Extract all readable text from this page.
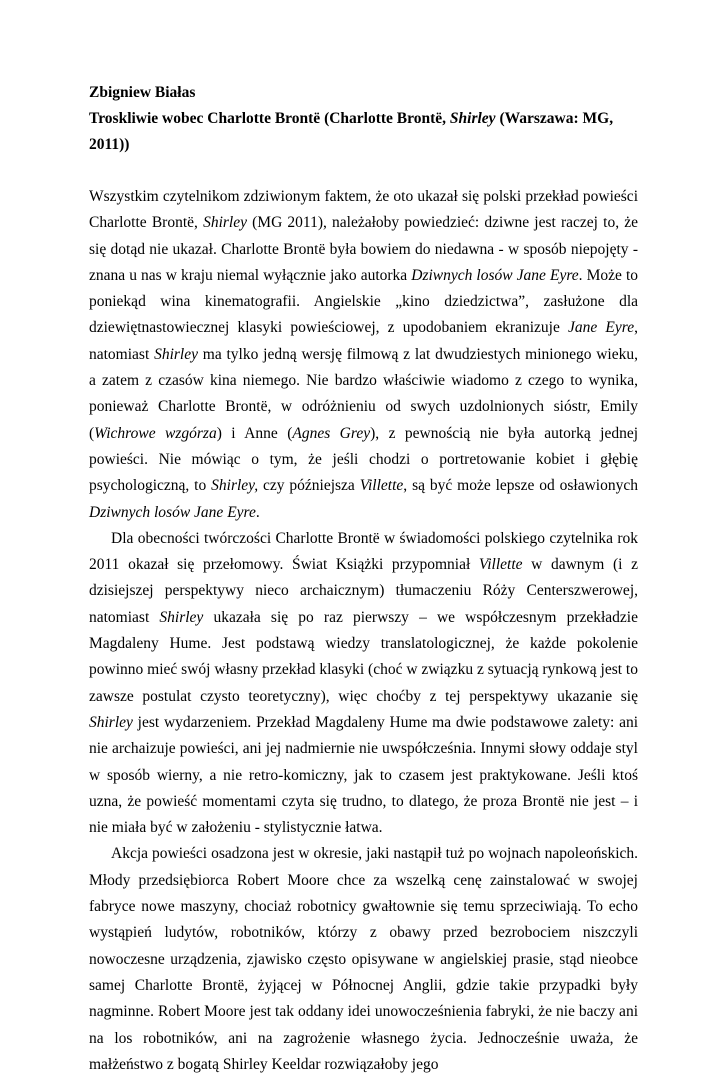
Zbigniew Białas
Troskliwie wobec Charlotte Brontë (Charlotte Brontë, Shirley (Warszawa: MG, 2011))

Wszystkim czytelnikom zdziwionym faktem, że oto ukazał się polski przekład powieści Charlotte Brontë, Shirley (MG 2011), należałoby powiedzieć: dziwne jest raczej to, że się dotąd nie ukazał. Charlotte Brontë była bowiem do niedawna - w sposób niepojęty - znana u nas w kraju niemal wyłącznie jako autorka Dziwnych losów Jane Eyre. Może to poniekąd wina kinematografii. Angielskie „kino dziedzictwa”, zasłużone dla dziewiętnastowiecznej klasyki powieściowej, z upodobaniem ekranizuje Jane Eyre, natomiast Shirley ma tylko jedną wersję filmową z lat dwudziestych minionego wieku, a zatem z czasów kina niemego. Nie bardzo właściwie wiadomo z czego to wynika, ponieważ Charlotte Brontë, w odróżnieniu od swych uzdolnionych sióstr, Emily (Wichrowe wzgórza) i Anne (Agnes Grey), z pewnością nie była autorką jednej powieści. Nie mówiąc o tym, że jeśli chodzi o portretowanie kobiet i głębię psychologiczną, to Shirley, czy późniejsza Villette, są być może lepsze od osławionych Dziwnych losów Jane Eyre.

Dla obecności twórczości Charlotte Brontë w świadomości polskiego czytelnika rok 2011 okazał się przełomowy. Świat Książki przypomniał Villette w dawnym (i z dzisiejszej perspektywy nieco archaicznym) tłumaczeniu Róży Centerszwerowej, natomiast Shirley ukazała się po raz pierwszy – we współczesnym przekładzie Magdaleny Hume. Jest podstawą wiedzy translatologicznej, że każde pokolenie powinno mieć swój własny przekład klasyki (choć w związku z sytuacją rynkową jest to zawsze postulat czysto teoretyczny), więc choćby z tej perspektywy ukazanie się Shirley jest wydarzeniem. Przekład Magdaleny Hume ma dwie podstawowe zalety: ani nie archaizuje powieści, ani jej nadmiernie nie uwspółcześnia. Innymi słowy oddaje styl w sposób wierny, a nie retro-komiczny, jak to czasem jest praktykowane. Jeśli ktoś uzna, że powieść momentami czyta się trudno, to dlatego, że proza Brontë nie jest – i nie miała być w założeniu - stylistycznie łatwa.

Akcja powieści osadzona jest w okresie, jaki nastąpił tuż po wojnach napoleońskich. Młody przedsiębiorca Robert Moore chce za wszelką cenę zainstalować w swojej fabryce nowe maszyny, chociaż robotnicy gwałtownie się temu sprzeciwiają. To echo wystąpień ludytów, robotników, którzy z obawy przed bezrobociem niszczyli nowoczesne urządzenia, zjawisko często opisywane w angielskiej prasie, stąd nieobce samej Charlotte Brontë, żyjącej w Północnej Anglii, gdzie takie przypadki były nagminne. Robert Moore jest tak oddany idei unowocześnienia fabryki, że nie baczy ani na los robotników, ani na zagrożenie własnego życia. Jednocześnie uważa, że małżeństwo z bogatą Shirley Keeldar rozwiązałoby jego
